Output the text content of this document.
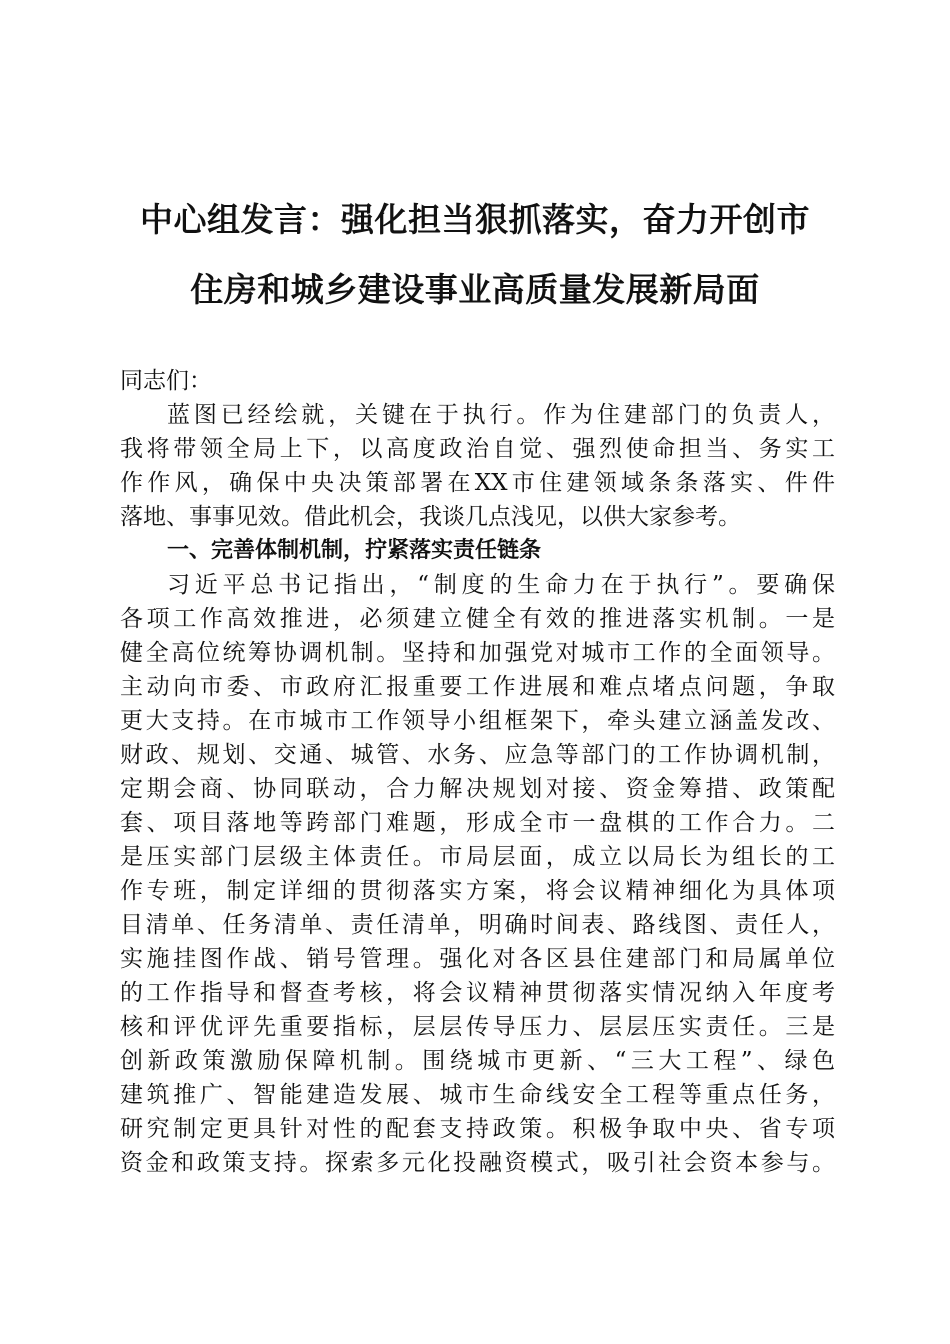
中心组发言：强化担当狠抓落实，奋力开创市
住房和城乡建设事业高质量发展新局面
同志们：
蓝图已经绘就，关键在于执行。作为住建部门的负责人，
我将带领全局上下，以高度政治自觉、强烈使命担当、务实工
作作风，确保中央决策部署在XX市住建领域条条落实、件件
落地、事事见效。借此机会，我谈几点浅见，以供大家参考。
一、完善体制机制，拧紧落实责任链条
习近平总书记指出，“制度的生命力在于执行”。要确保
各项工作高效推进，必须建立健全有效的推进落实机制。一是
健全高位统筹协调机制。坚持和加强党对城市工作的全面领导。
主动向市委、市政府汇报重要工作进展和难点堵点问题，争取
更大支持。在市城市工作领导小组框架下，牵头建立涵盖发改、
财政、规划、交通、城管、水务、应急等部门的工作协调机制，
定期会商、协同联动，合力解决规划对接、资金筹措、政策配
套、项目落地等跨部门难题，形成全市一盘棋的工作合力。二
是压实部门层级主体责任。市局层面，成立以局长为组长的工
作专班，制定详细的贯彻落实方案，将会议精神细化为具体项
目清单、任务清单、责任清单，明确时间表、路线图、责任人，
实施挂图作战、销号管理。强化对各区县住建部门和局属单位
的工作指导和督查考核，将会议精神贯彻落实情况纳入年度考
核和评优评先重要指标，层层传导压力、层层压实责任。三是
创新政策激励保障机制。围绕城市更新、“三大工程”、绿色
建筑推广、智能建造发展、城市生命线安全工程等重点任务，
研究制定更具针对性的配套支持政策。积极争取中央、省专项
资金和政策支持。探索多元化投融资模式，吸引社会资本参与。
